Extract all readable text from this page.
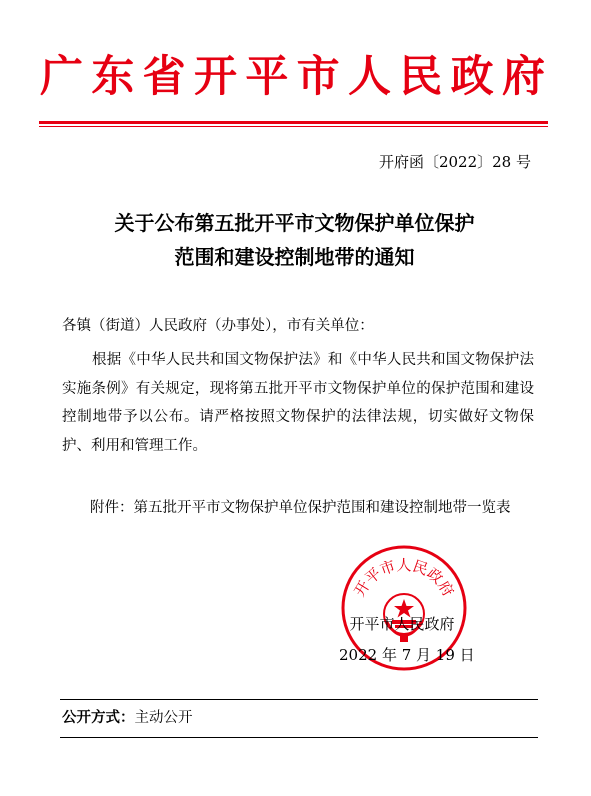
广 东 省 开 平 市 人 民 政 府
开府函〔2022〕28 号
关于公布第五批开平市文物保护单位保护
范围和建设控制地带的通知
各镇（街道）人民政府（办事处），市有关单位：
根据《中华人民共和国文物保护法》和《中华人民共和国文物保护法实施条例》有关规定，现将第五批开平市文物保护单位的保护范围和建设控制地带予以公布。请严格按照文物保护的法律法规，切实做好文物保护、利用和管理工作。
附件： 第五批开平市文物保护单位保护范围和建设控制地带一览表
开平市人民政府
开平市人民政府
2022 年 7 月 19 日
公开方式：主动公开
